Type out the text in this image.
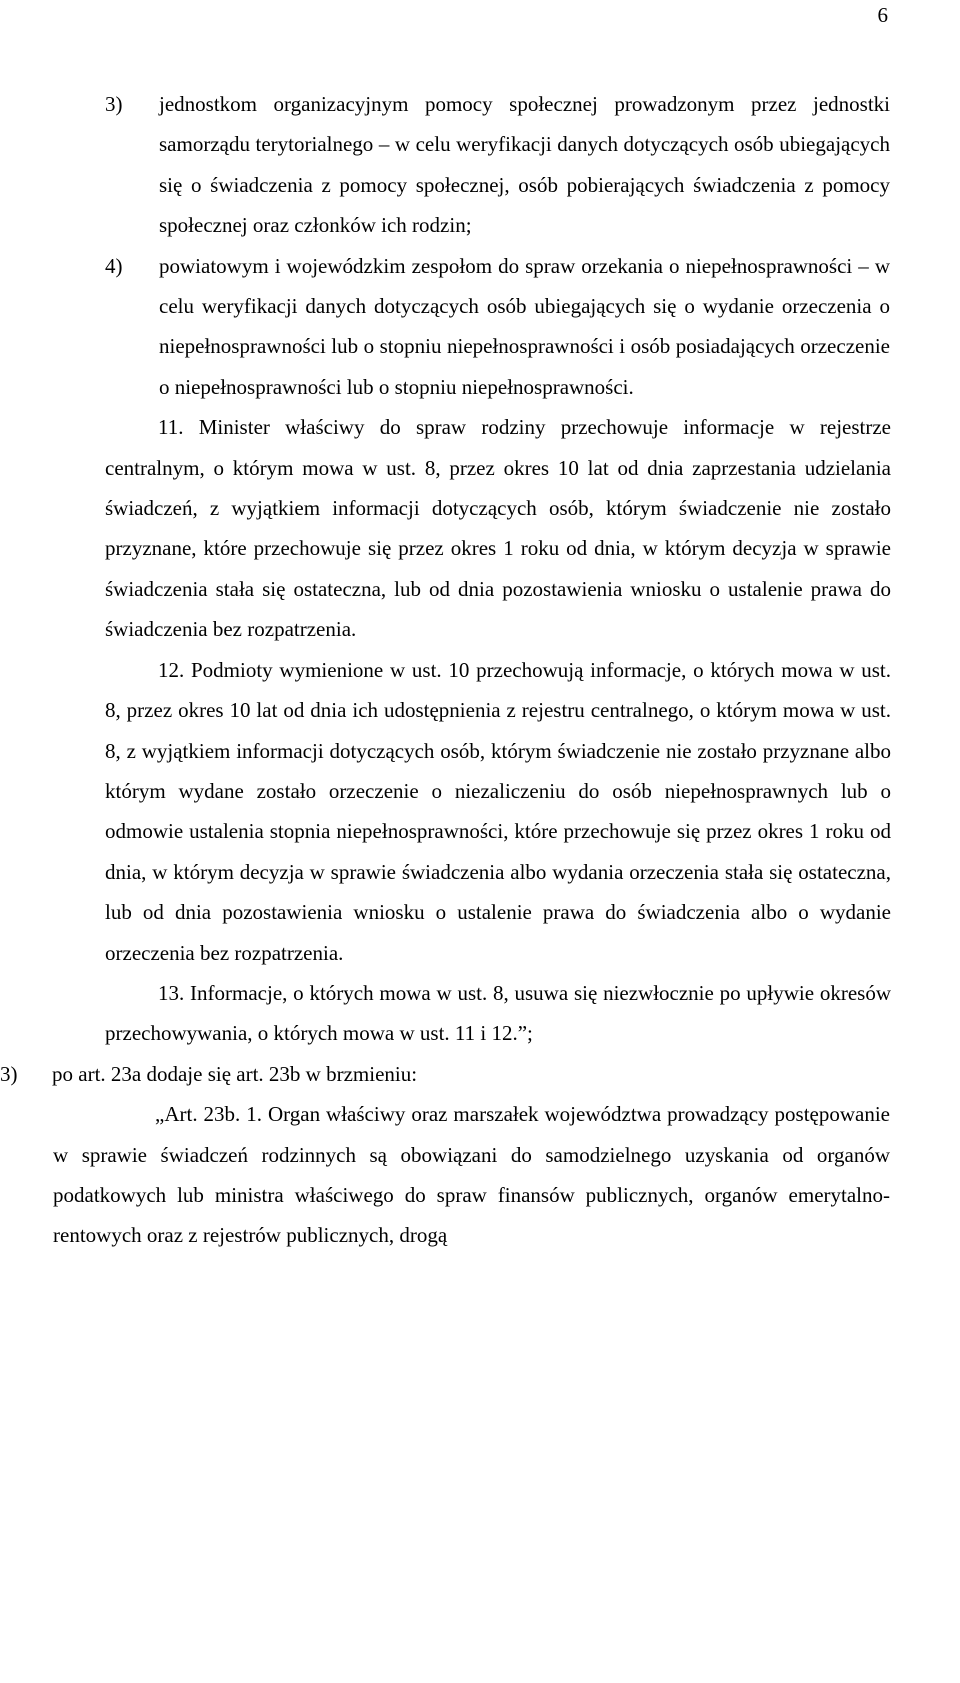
6
3) jednostkom organizacyjnym pomocy społecznej prowadzonym przez jednostki samorządu terytorialnego – w celu weryfikacji danych dotyczących osób ubiegających się o świadczenia z pomocy społecznej, osób pobierających świadczenia z pomocy społecznej oraz członków ich rodzin;
4) powiatowym i wojewódzkim zespołom do spraw orzekania o niepełnosprawności – w celu weryfikacji danych dotyczących osób ubiegających się o wydanie orzeczenia o niepełnosprawności lub o stopniu niepełnosprawności i osób posiadających orzeczenie o niepełnosprawności lub o stopniu niepełnosprawności.

11. Minister właściwy do spraw rodziny przechowuje informacje w rejestrze centralnym, o którym mowa w ust. 8, przez okres 10 lat od dnia zaprzestania udzielania świadczeń, z wyjątkiem informacji dotyczących osób, którym świadczenie nie zostało przyznane, które przechowuje się przez okres 1 roku od dnia, w którym decyzja w sprawie świadczenia stała się ostateczna, lub od dnia pozostawienia wniosku o ustalenie prawa do świadczenia bez rozpatrzenia.

12. Podmioty wymienione w ust. 10 przechowują informacje, o których mowa w ust. 8, przez okres 10 lat od dnia ich udostępnienia z rejestru centralnego, o którym mowa w ust. 8, z wyjątkiem informacji dotyczących osób, którym świadczenie nie zostało przyznane albo którym wydane zostało orzeczenie o niezaliczeniu do osób niepełnosprawnych lub o odmowie ustalenia stopnia niepełnosprawności, które przechowuje się przez okres 1 roku od dnia, w którym decyzja w sprawie świadczenia albo wydania orzeczenia stała się ostateczna, lub od dnia pozostawienia wniosku o ustalenie prawa do świadczenia albo o wydanie orzeczenia bez rozpatrzenia.

13. Informacje, o których mowa w ust. 8, usuwa się niezwłocznie po upływie okresów przechowywania, o których mowa w ust. 11 i 12.”;

3) po art. 23a dodaje się art. 23b w brzmieniu:

„Art. 23b. 1. Organ właściwy oraz marszałek województwa prowadzący postępowanie w sprawie świadczeń rodzinnych są obowiązani do samodzielnego uzyskania od organów podatkowych lub ministra właściwego do spraw finansów publicznych, organów emerytalno-rentowych oraz z rejestrów publicznych, drogą
